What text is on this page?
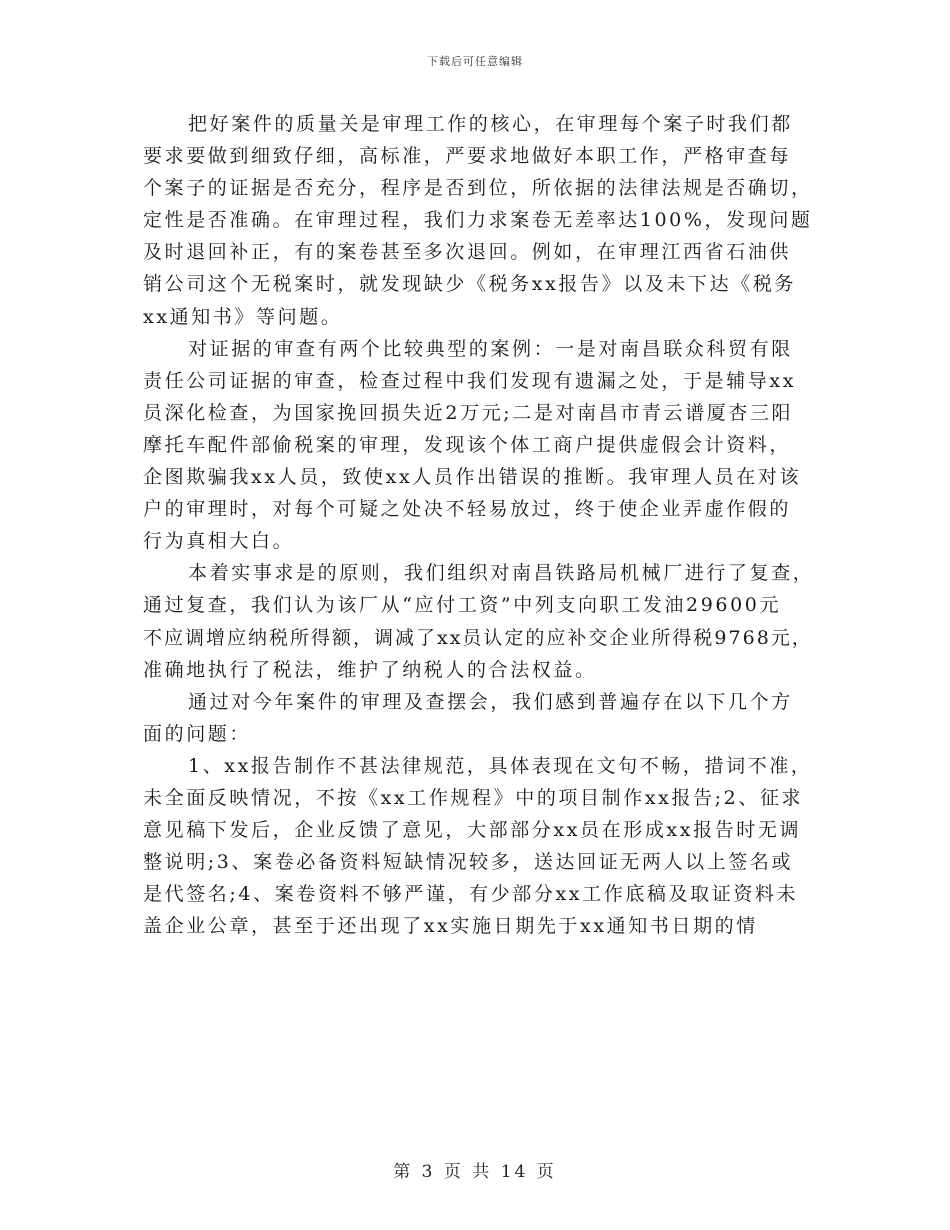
下载后可任意编辑
把好案件的质量关是审理工作的核心，在审理每个案子时我们都
要求要做到细致仔细，高标准，严要求地做好本职工作，严格审查每
个案子的证据是否充分，程序是否到位，所依据的法律法规是否确切，
定性是否准确。在审理过程，我们力求案卷无差率达100%，发现问题
及时退回补正，有的案卷甚至多次退回。例如，在审理江西省石油供
销公司这个无税案时，就发现缺少《税务xx报告》以及未下达《税务
xx通知书》等问题。
对证据的审查有两个比较典型的案例：一是对南昌联众科贸有限
责任公司证据的审查，检查过程中我们发现有遗漏之处，于是辅导xx
员深化检查，为国家挽回损失近2万元;二是对南昌市青云谱厦杏三阳
摩托车配件部偷税案的审理，发现该个体工商户提供虚假会计资料，
企图欺骗我xx人员，致使xx人员作出错误的推断。我审理人员在对该
户的审理时，对每个可疑之处决不轻易放过，终于使企业弄虚作假的
行为真相大白。
本着实事求是的原则，我们组织对南昌铁路局机械厂进行了复查，
通过复查，我们认为该厂从“应付工资”中列支向职工发油29600元
不应调增应纳税所得额，调减了xx员认定的应补交企业所得税9768元，
准确地执行了税法，维护了纳税人的合法权益。
通过对今年案件的审理及查摆会，我们感到普遍存在以下几个方
面的问题：
1、xx报告制作不甚法律规范，具体表现在文句不畅，措词不准，
未全面反映情况，不按《xx工作规程》中的项目制作xx报告;2、征求
意见稿下发后，企业反馈了意见，大部部分xx员在形成xx报告时无调
整说明;3、案卷必备资料短缺情况较多，送达回证无两人以上签名或
是代签名;4、案卷资料不够严谨，有少部分xx工作底稿及取证资料未
盖企业公章，甚至于还出现了xx实施日期先于xx通知书日期的情
第 3 页 共 14 页
